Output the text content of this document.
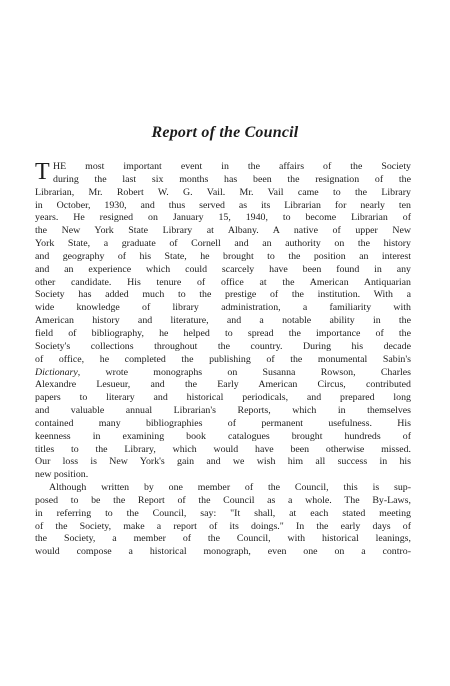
Report of the Council
T HE most important event in the affairs of the Society
during the last six months has been the resignation of the
Librarian, Mr. Robert W. G. Vail. Mr. Vail came to the Library
in October, 1930, and thus served as its Librarian for nearly ten
years. He resigned on January 15, 1940, to become Librarian of
the New York State Library at Albany. A native of upper New
York State, a graduate of Cornell and an authority on the history
and geography of his State, he brought to the position an interest
and an experience which could scarcely have been found in any
other candidate. His tenure of office at the American Antiquarian
Society has added much to the prestige of the institution. With a
wide knowledge of library administration, a familiarity with
American history and literature, and a notable ability in the
field of bibliography, he helped to spread the importance of the
Society's collections throughout the country. During his decade
of office, he completed the publishing of the monumental Sabin's
Dictionary, wrote monographs on Susanna Rowson, Charles
Alexandre Lesueur, and the Early American Circus, contributed
papers to literary and historical periodicals, and prepared long
and valuable annual Librarian's Reports, which in themselves
contained many bibliographies of permanent usefulness. His
keenness in examining book catalogues brought hundreds of
titles to the Library, which would have been otherwise missed.
Our loss is New York's gain and we wish him all success in his
new position.
Although written by one member of the Council, this is sup-
posed to be the Report of the Council as a whole. The By-Laws,
in referring to the Council, say: "It shall, at each stated meeting
of the Society, make a report of its doings." In the early days of
the Society, a member of the Council, with historical leanings,
would compose a historical monograph, even one on a contro-
